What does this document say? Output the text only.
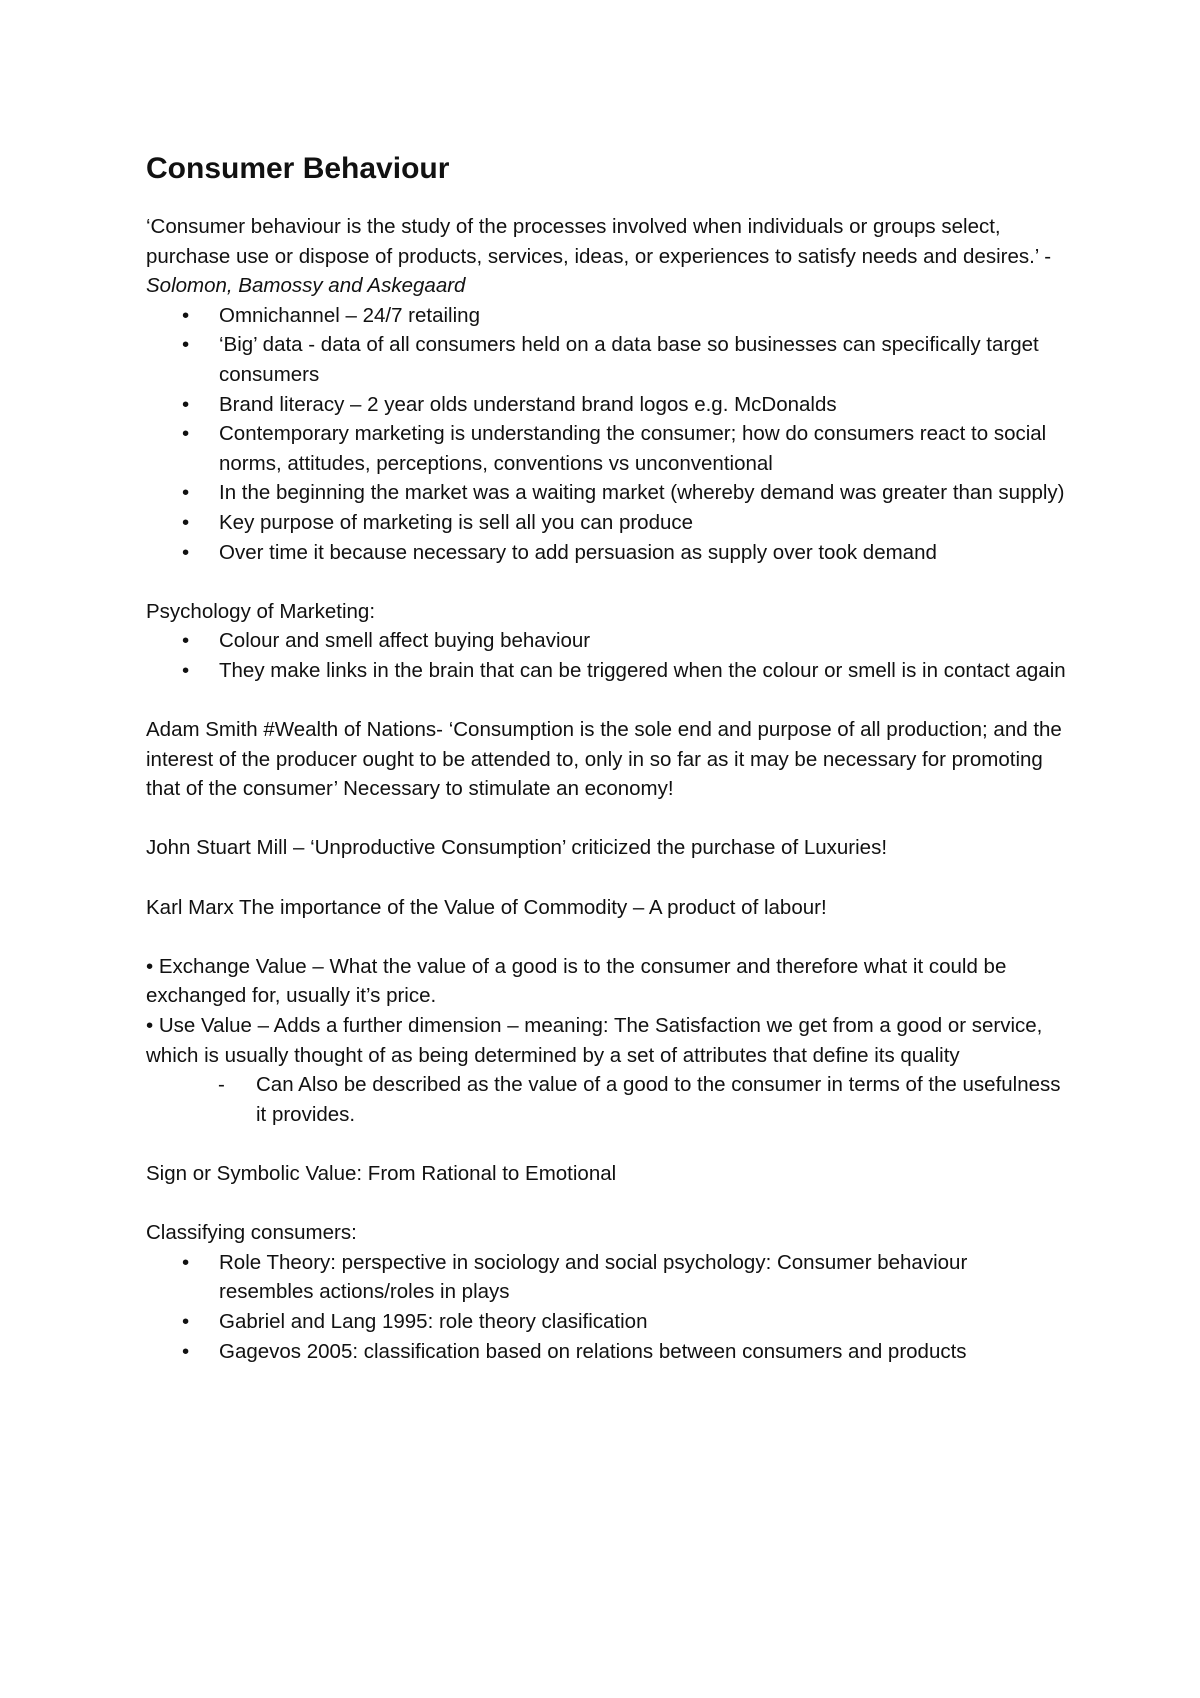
Consumer Behaviour

‘Consumer behaviour is the study of the processes involved when individuals or groups select, purchase use or dispose of products, services, ideas, or experiences to satisfy needs and desires.’ - Solomon, Bamossy and Askegaard

• Omnichannel – 24/7 retailing
• ‘Big’ data - data of all consumers held on a data base so businesses can specifically target consumers
• Brand literacy – 2 year olds understand brand logos e.g. McDonalds
• Contemporary marketing is understanding the consumer; how do consumers react to social norms, attitudes, perceptions, conventions vs unconventional
• In the beginning the market was a waiting market (whereby demand was greater than supply)
• Key purpose of marketing is sell all you can produce
• Over time it because necessary to add persuasion as supply over took demand

Psychology of Marketing:

• Colour and smell affect buying behaviour
• They make links in the brain that can be triggered when the colour or smell is in contact again

Adam Smith #Wealth of Nations- ‘Consumption is the sole end and purpose of all production; and the interest of the producer ought to be attended to, only in so far as it may be necessary for promoting that of the consumer’ Necessary to stimulate an economy!

John Stuart Mill – ‘Unproductive Consumption’ criticized the purchase of Luxuries!

Karl Marx The importance of the Value of Commodity – A product of labour!

• Exchange Value – What the value of a good is to the consumer and therefore what it could be exchanged for, usually it’s price.

• Use Value – Adds a further dimension – meaning: The Satisfaction we get from a good or service, which is usually thought of as being determined by a set of attributes that define its quality

- Can Also be described as the value of a good to the consumer in terms of the usefulness it provides.

Sign or Symbolic Value: From Rational to Emotional

Classifying consumers:

• Role Theory: perspective in sociology and social psychology: Consumer behaviour resembles actions/roles in plays
• Gabriel and Lang 1995: role theory clasification
• Gagevos 2005: classification based on relations between consumers and products
